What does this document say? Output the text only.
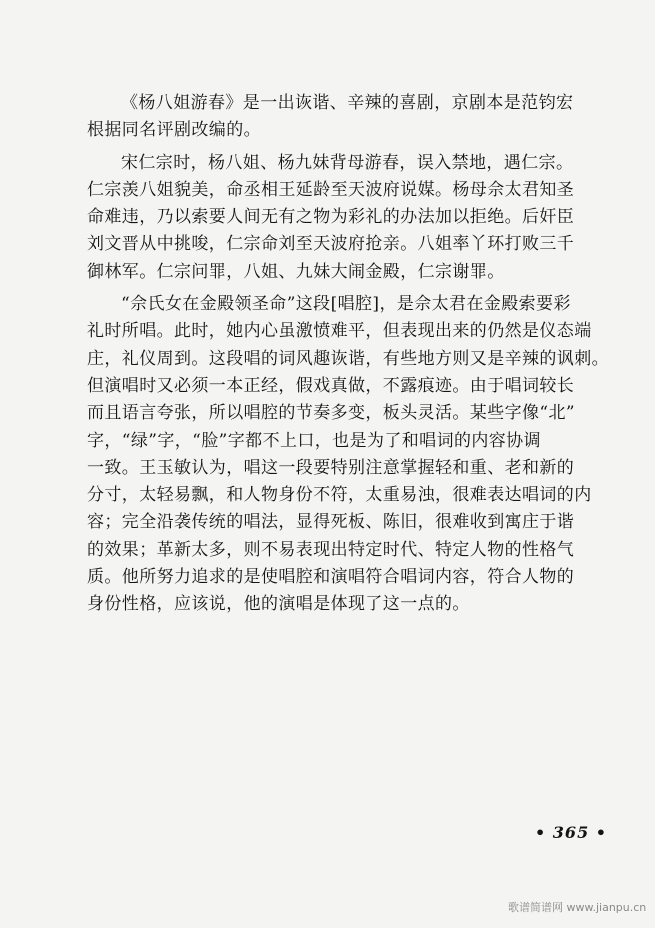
《杨八姐游春》是一出诙谐、辛辣的喜剧，京剧本是范钧宏
根据同名评剧改编的。
宋仁宗时，杨八姐、杨九妹背母游春，误入禁地，遇仁宗。
仁宗羡八姐貌美，命丞相王延龄至天波府说媒。杨母佘太君知圣
命难违，乃以索要人间无有之物为彩礼的办法加以拒绝。后奸臣
刘文晋从中挑唆，仁宗命刘至天波府抢亲。八姐率丫环打败三千
御林军。仁宗问罪，八姐、九妹大闹金殿，仁宗谢罪。
“佘氏女在金殿领圣命”这段[唱腔]，是佘太君在金殿索要彩
礼时所唱。此时，她内心虽激愤难平，但表现出来的仍然是仪态端
庄，礼仪周到。这段唱的词风趣诙谐，有些地方则又是辛辣的讽刺。
但演唱时又必须一本正经，假戏真做，不露痕迹。由于唱词较长
而且语言夸张，所以唱腔的节奏多变，板头灵活。某些字像“北”
字，“绿”字，“脸”字都不上口，也是为了和唱词的内容协调
一致。王玉敏认为，唱这一段要特别注意掌握轻和重、老和新的
分寸，太轻易飘，和人物身份不符，太重易浊，很难表达唱词的内
容；完全沿袭传统的唱法，显得死板、陈旧，很难收到寓庄于谐
的效果；革新太多，则不易表现出特定时代、特定人物的性格气
质。他所努力追求的是使唱腔和演唱符合唱词内容，符合人物的
身份性格，应该说，他的演唱是体现了这一点的。
• 365 •
歌谱简谱网 www.jianpu.cn
